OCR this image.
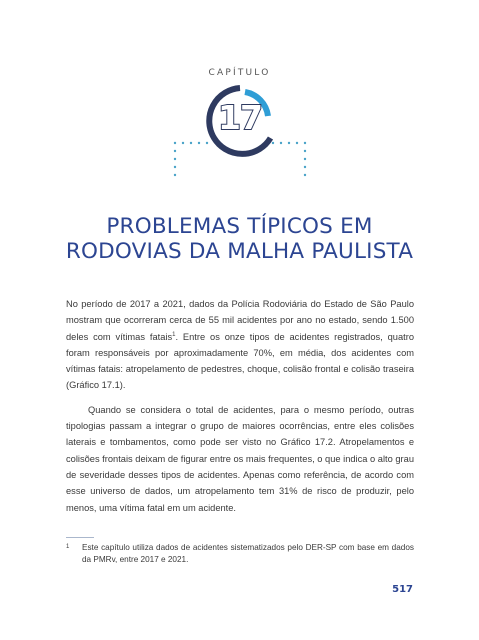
CAPÍTULO
17
PROBLEMAS TÍPICOS EM
RODOVIAS DA MALHA PAULISTA

No período de 2017 a 2021, dados da Polícia Rodoviária do Estado de São Paulo mostram que ocorreram cerca de 55 mil acidentes por ano no estado, sendo 1.500 deles com vítimas fatais$^1$. Entre os onze tipos de acidentes registrados, quatro foram responsáveis por aproximadamente 70%, em média, dos acidentes com vítimas fatais: atropelamento de pedestres, choque, colisão frontal e colisão traseira (Gráfico 17.1).

Quando se considera o total de acidentes, para o mesmo período, outras tipologias passam a integrar o grupo de maiores ocorrências, entre eles colisões laterais e tombamentos, como pode ser visto no Gráfico 17.2. Atropelamentos e colisões frontais deixam de figurar entre os mais frequentes, o que indica o alto grau de severidade desses tipos de acidentes. Apenas como referência, de acordo com esse universo de dados, um atropelamento tem 31% de risco de produzir, pelo menos, uma vítima fatal em um acidente.

1	Este capítulo utiliza dados de acidentes sistematizados pelo DER-SP com base em dados da PMRv, entre 2017 e 2021.
517
